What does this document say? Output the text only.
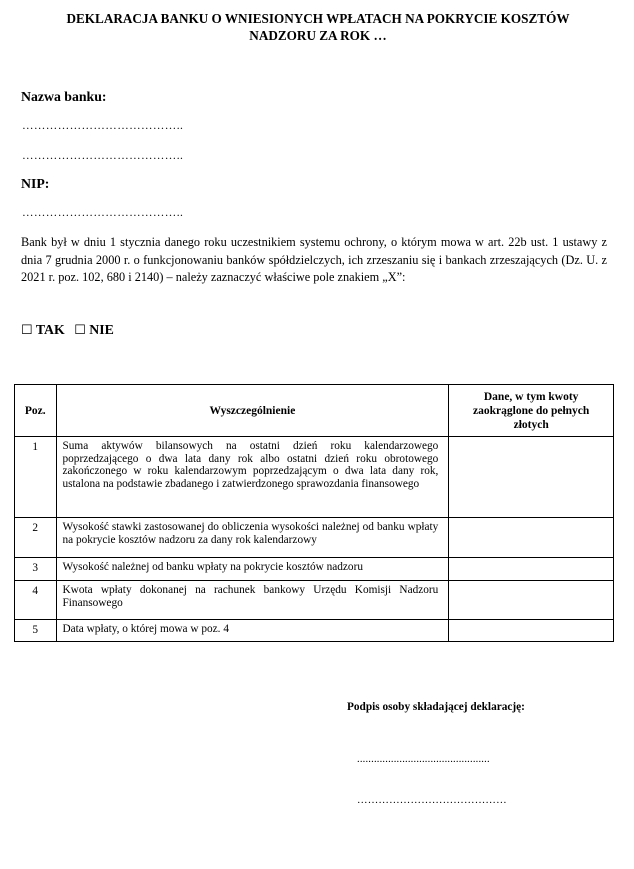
DEKLARACJA BANKU O WNIESIONYCH WPŁATACH NA POKRYCIE KOSZTÓW
NADZORU ZA ROK …
Nazwa banku:
…………………………………..
…………………………………..
NIP:
…………………………………..
Bank był w dniu 1 stycznia danego roku uczestnikiem systemu ochrony, o którym mowa w art. 22b ust. 1 ustawy z dnia 7 grudnia 2000 r. o funkcjonowaniu banków spółdzielczych, ich zrzeszaniu się i bankach zrzeszających (Dz. U. z 2021 r. poz. 102, 680 i 2140) – należy zaznaczyć właściwe pole znakiem „X”:
☐ TAK ☐ NIE
Poz.	Wyszczególnienie	Dane, w tym kwoty zaokrąglone do pełnych złotych
1	Suma aktywów bilansowych na ostatni dzień roku kalendarzowego poprzedzającego o dwa lata dany rok albo ostatni dzień roku obrotowego zakończonego w roku kalendarzowym poprzedzającym o dwa lata dany rok, ustalona na podstawie zbadanego i zatwierdzonego sprawozdania finansowego	
2	Wysokość stawki zastosowanej do obliczenia wysokości należnej od banku wpłaty na pokrycie kosztów nadzoru za dany rok kalendarzowy	
3	Wysokość należnej od banku wpłaty na pokrycie kosztów nadzoru	
4	Kwota wpłaty dokonanej na rachunek bankowy Urzędu Komisji Nadzoru Finansowego	
5	Data wpłaty, o której mowa w poz. 4	
Podpis osoby składającej deklarację:
...............................................
……………………………………
